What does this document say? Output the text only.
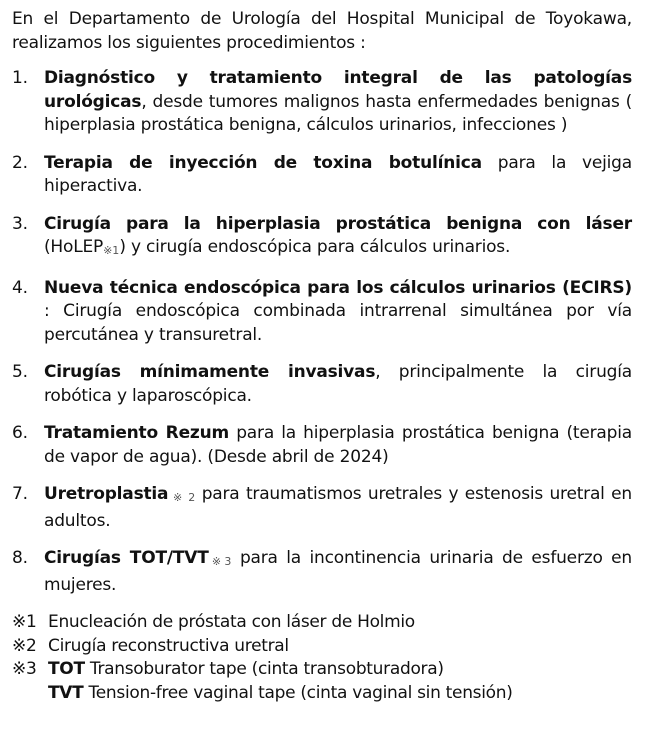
En el Departamento de Urología del Hospital Municipal de Toyokawa, realizamos los siguientes procedimientos :

1. Diagnóstico y tratamiento integral de las patologías urológicas, desde tumores malignos hasta enfermedades benignas ( hiperplasia prostática benigna, cálculos urinarios, infecciones )
2. Terapia de inyección de toxina botulínica para la vejiga hiperactiva.
3. Cirugía para la hiperplasia prostática benigna con láser (HoLEP※1) y cirugía endoscópica para cálculos urinarios.
4. Nueva técnica endoscópica para los cálculos urinarios (ECIRS) : Cirugía endoscópica combinada intrarrenal simultánea por vía percutánea y transuretral.
5. Cirugías mínimamente invasivas, principalmente la cirugía robótica y laparoscópica.
6. Tratamiento Rezum para la hiperplasia prostática benigna (terapia de vapor de agua). (Desde abril de 2024)
7. Uretroplastia ※ 2 para traumatismos uretrales y estenosis uretral en adultos.
8. Cirugías TOT/TVT※3 para la incontinencia urinaria de esfuerzo en mujeres.
※1 Enucleación de próstata con láser de Holmio
※2 Cirugía reconstructiva uretral
※3 TOT Transoburator tape (cinta transobturadora)
TVT Tension-free vaginal tape (cinta vaginal sin tensión)
